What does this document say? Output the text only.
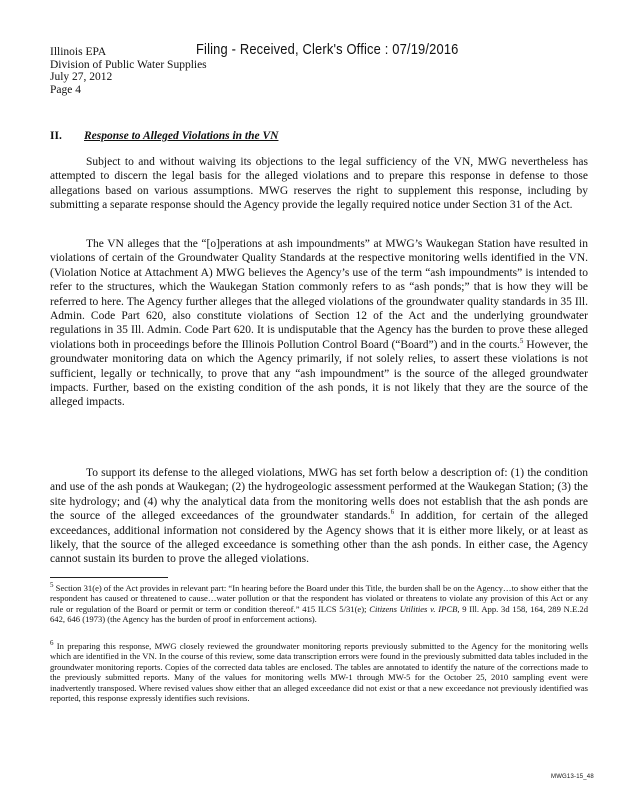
Filing - Received, Clerk's Office : 07/19/2016
Illinois EPA
Division of Public Water Supplies
July 27, 2012
Page 4
II. Response to Alleged Violations in the VN

Subject to and without waiving its objections to the legal sufficiency of the VN, MWG nevertheless has attempted to discern the legal basis for the alleged violations and to prepare this response in defense to those allegations based on various assumptions. MWG reserves the right to supplement this response, including by submitting a separate response should the Agency provide the legally required notice under Section 31 of the Act.

The VN alleges that the “[o]perations at ash impoundments” at MWG’s Waukegan Station have resulted in violations of certain of the Groundwater Quality Standards at the respective monitoring wells identified in the VN. (Violation Notice at Attachment A) MWG believes the Agency’s use of the term “ash impoundments” is intended to refer to the structures, which the Waukegan Station commonly refers to as “ash ponds;” that is how they will be referred to here. The Agency further alleges that the alleged violations of the groundwater quality standards in 35 Ill. Admin. Code Part 620, also constitute violations of Section 12 of the Act and the underlying groundwater regulations in 35 Ill. Admin. Code Part 620. It is undisputable that the Agency has the burden to prove these alleged violations both in proceedings before the Illinois Pollution Control Board (“Board”) and in the courts.$^5$ However, the groundwater monitoring data on which the Agency primarily, if not solely relies, to assert these violations is not sufficient, legally or technically, to prove that any “ash impoundment” is the source of the alleged groundwater impacts. Further, based on the existing condition of the ash ponds, it is not likely that they are the source of the alleged impacts.

To support its defense to the alleged violations, MWG has set forth below a description of: (1) the condition and use of the ash ponds at Waukegan; (2) the hydrogeologic assessment performed at the Waukegan Station; (3) the site hydrology; and (4) why the analytical data from the monitoring wells does not establish that the ash ponds are the source of the alleged exceedances of the groundwater standards.$^6$ In addition, for certain of the alleged exceedances, additional information not considered by the Agency shows that it is either more likely, or at least as likely, that the source of the alleged exceedance is something other than the ash ponds. In either case, the Agency cannot sustain its burden to prove the alleged violations.

$^5$ Section 31(e) of the Act provides in relevant part: “In hearing before the Board under this Title, the burden shall be on the Agency…to show either that the respondent has caused or threatened to cause…water pollution or that the respondent has violated or threatens to violate any provision of this Act or any rule or regulation of the Board or permit or term or condition thereof.” 415 ILCS 5/31(e); Citizens Utilities v. IPCB, 9 Ill. App. 3d 158, 164, 289 N.E.2d 642, 646 (1973) (the Agency has the burden of proof in enforcement actions).

$^6$ In preparing this response, MWG closely reviewed the groundwater monitoring reports previously submitted to the Agency for the monitoring wells which are identified in the VN. In the course of this review, some data transcription errors were found in the previously submitted data tables included in the groundwater monitoring reports. Copies of the corrected data tables are enclosed. The tables are annotated to identify the nature of the corrections made to the previously submitted reports. Many of the values for monitoring wells MW-1 through MW-5 for the October 25, 2010 sampling event were inadvertently transposed. Where revised values show either that an alleged exceedance did not exist or that a new exceedance not previously identified was reported, this response expressly identifies such revisions.

MWG13-15_48
